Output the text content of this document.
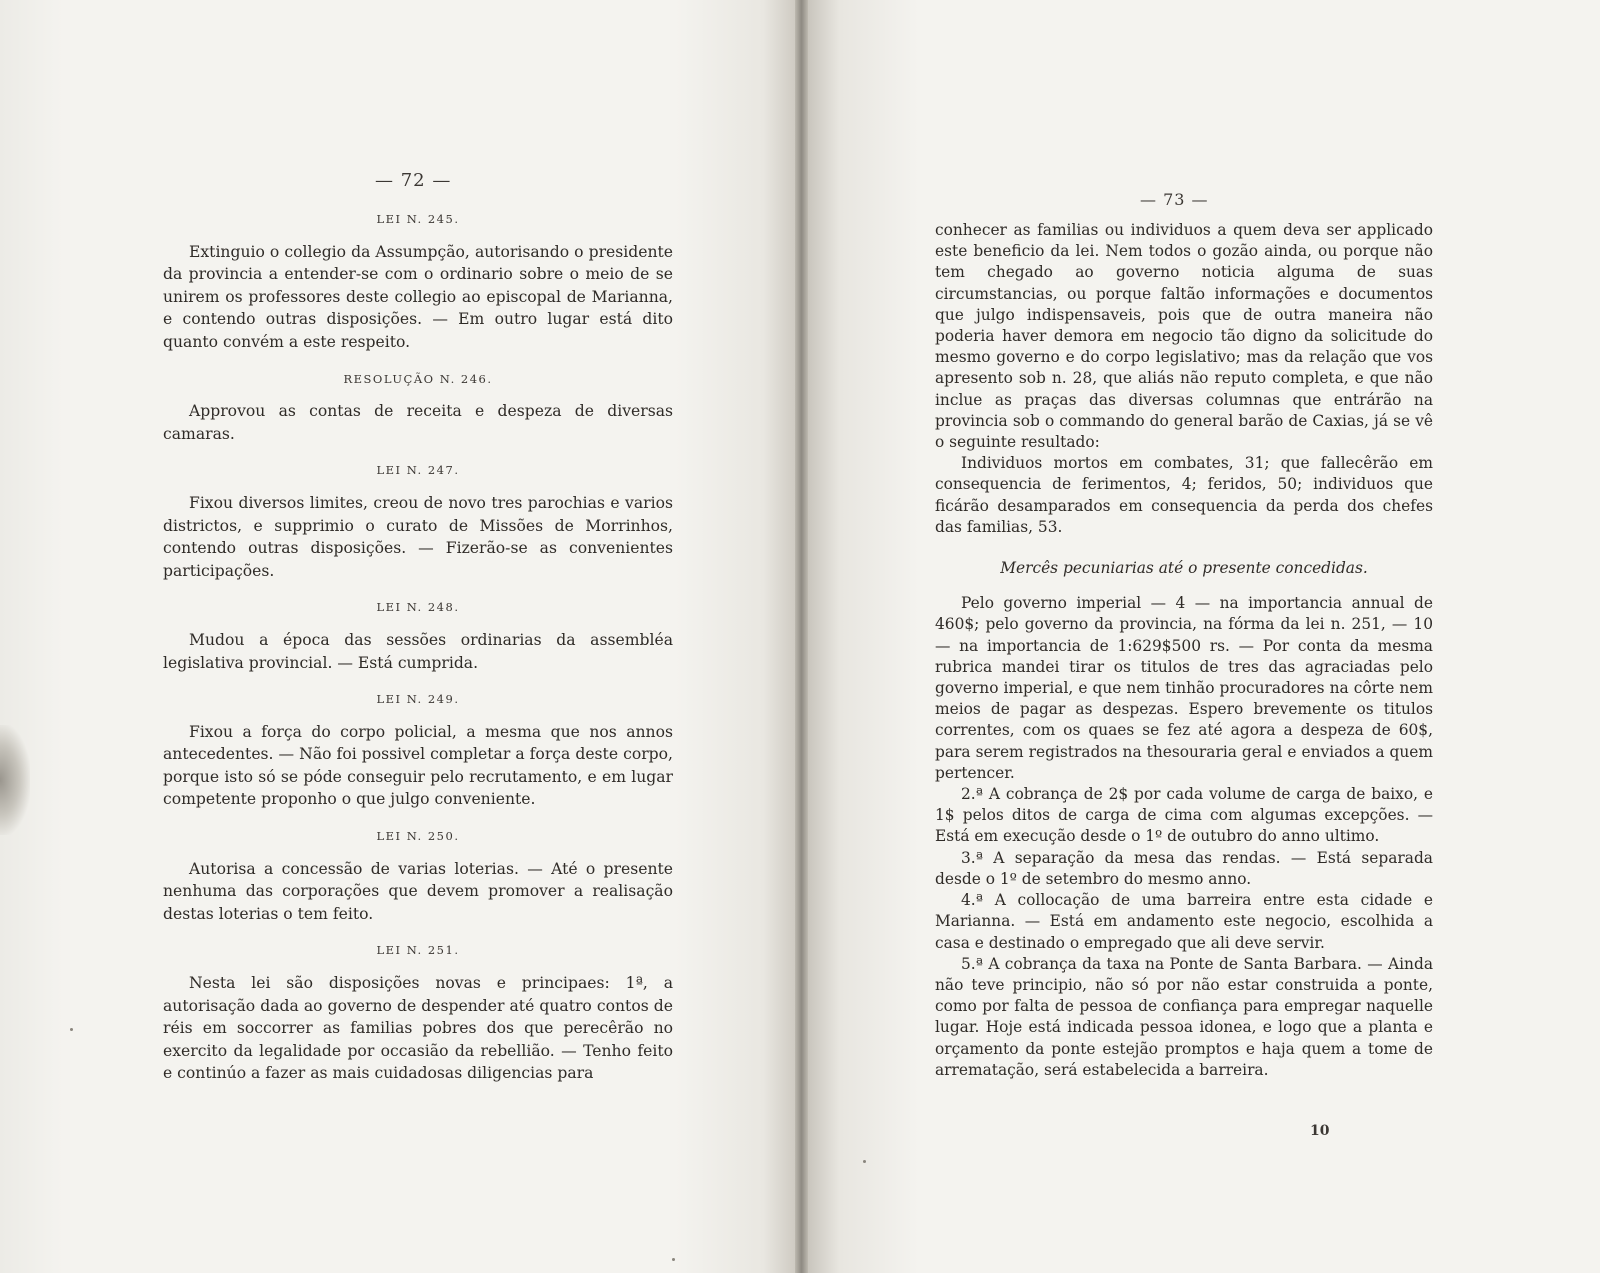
— 72 —
LEI N. 245.

Extinguio o collegio da Assumpção, autorisando o presidente da provincia a entender-se com o ordinario sobre o meio de se unirem os professores deste collegio ao episcopal de Marianna, e contendo outras disposições. — Em outro lugar está dito quanto convém a este respeito.

RESOLUÇÃO N. 246.

Approvou as contas de receita e despeza de diversas camaras.

LEI N. 247.

Fixou diversos limites, creou de novo tres parochias e varios districtos, e supprimio o curato de Missões de Morrinhos, contendo outras disposições. — Fizerão-se as convenientes participações.

LEI N. 248.

Mudou a época das sessões ordinarias da assembléa legislativa provincial. — Está cumprida.

LEI N. 249.

Fixou a força do corpo policial, a mesma que nos annos antecedentes. — Não foi possivel completar a força deste corpo, porque isto só se póde conseguir pelo recrutamento, e em lugar competente proponho o que julgo conveniente.

LEI N. 250.

Autorisa a concessão de varias loterias. — Até o presente nenhuma das corporações que devem promover a realisação destas loterias o tem feito.

LEI N. 251.

Nesta lei são disposições novas e principaes: 1ª, a autorisação dada ao governo de despender até quatro contos de réis em soccorrer as familias pobres dos que perecêrão no exercito da legalidade por occasião da rebellião. — Tenho feito e continúo a fazer as mais cuidadosas diligencias para

— 73 —

conhecer as familias ou individuos a quem deva ser applicado este beneficio da lei. Nem todos o gozão ainda, ou porque não tem chegado ao governo noticia alguma de suas circumstancias, ou porque faltão informações e documentos que julgo indispensaveis, pois que de outra maneira não poderia haver demora em negocio tão digno da solicitude do mesmo governo e do corpo legislativo; mas da relação que vos apresento sob n. 28, que aliás não reputo completa, e que não inclue as praças das diversas columnas que entrárão na provincia sob o commando do general barão de Caxias, já se vê o seguinte resultado:

Individuos mortos em combates, 31; que fallecêrão em consequencia de ferimentos, 4; feridos, 50; individuos que ficárão desamparados em consequencia da perda dos chefes das familias, 53.

Mercês pecuniarias até o presente concedidas.

Pelo governo imperial — 4 — na importancia annual de 460$; pelo governo da provincia, na fórma da lei n. 251, — 10 — na importancia de 1:629$500 rs. — Por conta da mesma rubrica mandei tirar os titulos de tres das agraciadas pelo governo imperial, e que nem tinhão procuradores na côrte nem meios de pagar as despezas. Espero brevemente os titulos correntes, com os quaes se fez até agora a despeza de 60$, para serem registrados na thesouraria geral e enviados a quem pertencer.

2.ª A cobrança de 2$ por cada volume de carga de baixo, e 1$ pelos ditos de carga de cima com algumas excepções. — Está em execução desde o 1º de outubro do anno ultimo.

3.ª A separação da mesa das rendas. — Está separada desde o 1º de setembro do mesmo anno.

4.ª A collocação de uma barreira entre esta cidade e Marianna. — Está em andamento este negocio, escolhida a casa e destinado o empregado que ali deve servir.

5.ª A cobrança da taxa na Ponte de Santa Barbara. — Ainda não teve principio, não só por não estar construida a ponte, como por falta de pessoa de confiança para empregar naquelle lugar. Hoje está indicada pessoa idonea, e logo que a planta e orçamento da ponte estejão promptos e haja quem a tome de arrematação, será estabelecida a barreira.

10
